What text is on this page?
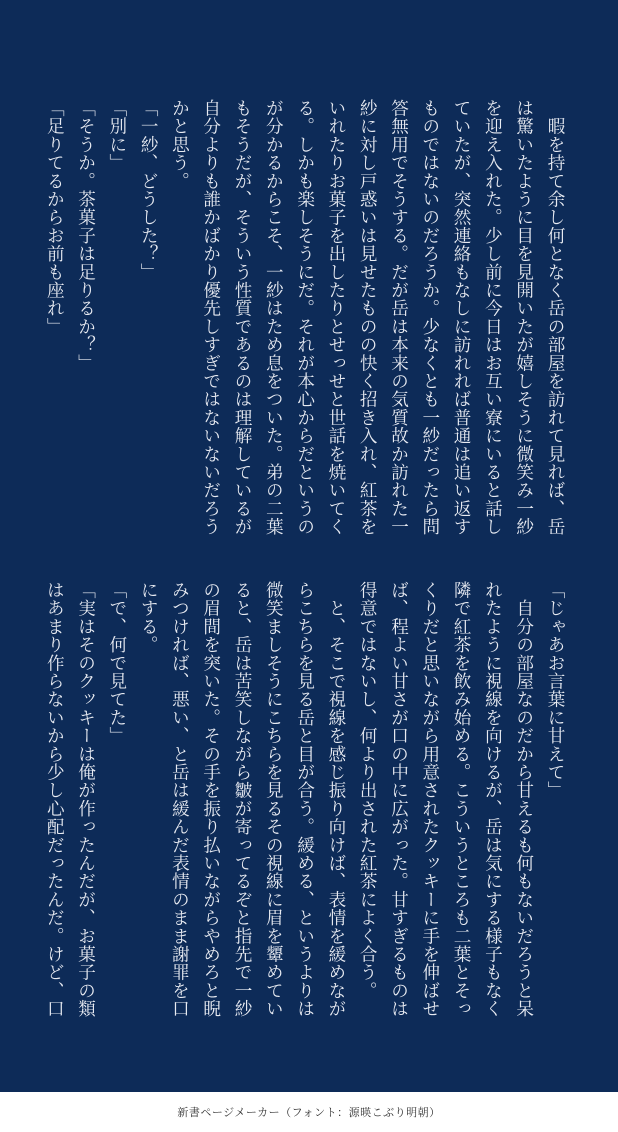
　暇を持て余し何となく岳の部屋を訪れて見れば、岳
は驚いたように目を見開いたが嬉しそうに微笑み一紗
を迎え入れた。少し前に今日はお互い寮にいると話し
ていたが、突然連絡もなしに訪れれば普通は追い返す
ものではないのだろうか。少なくとも一紗だったら問
答無用でそうする。だが岳は本来の気質故か訪れた一
紗に対し戸惑いは見せたものの快く招き入れ、紅茶を
いれたりお菓子を出したりとせっせと世話を焼いてく
る。しかも楽しそうにだ。それが本心からだというの
が分かるからこそ、一紗はため息をついた。弟の二葉
もそうだが、そういう性質であるのは理解しているが
自分よりも誰かばかり優先しすぎではないないだろう
かと思う。
「一紗、どうした？」
「別に」
「そうか。茶菓子は足りるか？」
「足りてるからお前も座れ」
「じゃあお言葉に甘えて」
　自分の部屋なのだから甘えるも何もないだろうと呆
れたように視線を向けるが、岳は気にする様子もなく
隣で紅茶を飲み始める。こういうところも二葉とそっ
くりだと思いながら用意されたクッキーに手を伸ばせ
ば、程よい甘さが口の中に広がった。甘すぎるものは
得意ではないし、何より出された紅茶によく合う。
　と、そこで視線を感じ振り向けば、表情を緩めなが
らこちらを見る岳と目が合う。緩める、というよりは
微笑ましそうにこちらを見るその視線に眉を顰めてい
ると、岳は苦笑しながら皺が寄ってるぞと指先で一紗
の眉間を突いた。その手を振り払いながらやめろと睨
みつければ、悪い、と岳は緩んだ表情のまま謝罪を口
にする。
「で、何で見てた」
「実はそのクッキーは俺が作ったんだが、お菓子の類
はあまり作らないから少し心配だったんだ。けど、口
新書ページメーカー（フォント：源暎こぶり明朝）
